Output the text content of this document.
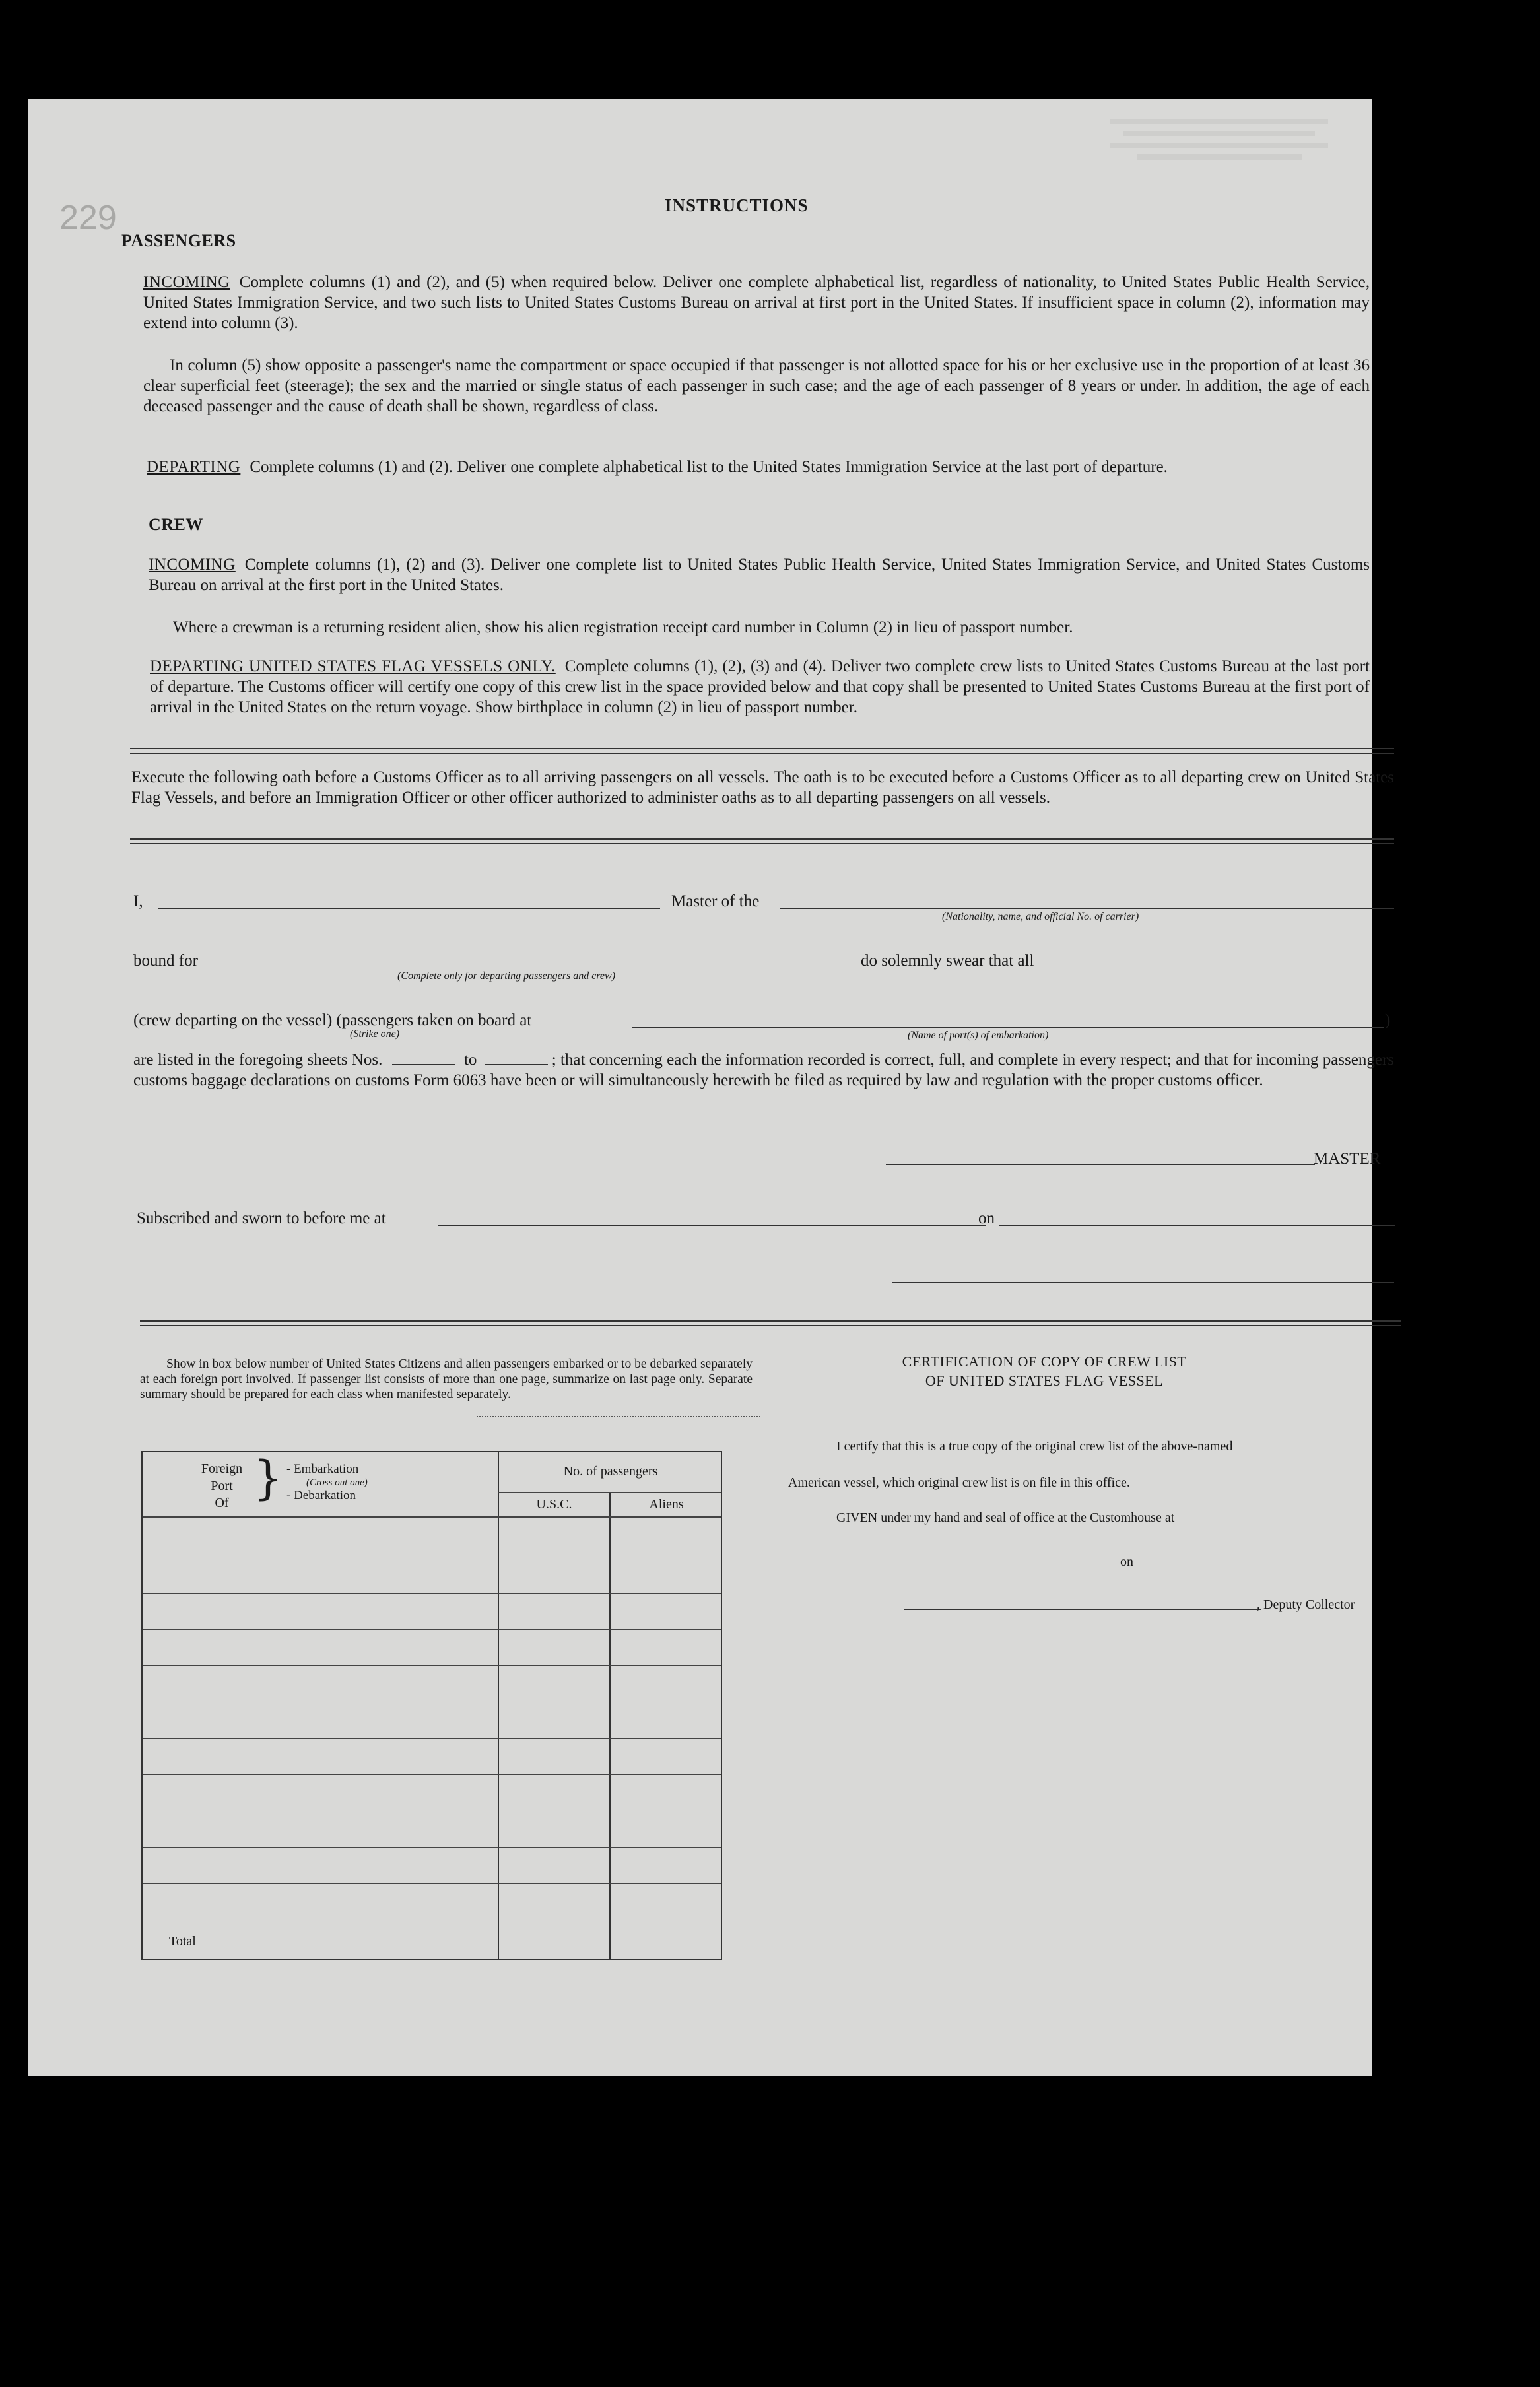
229	INSTRUCTIONS
PASSENGERS
INCOMING Complete columns (1) and (2), and (5) when required below. Deliver one complete alphabetical list, regardless of nationality, to United States Public Health Service, United States Immigration Service, and two such lists to United States Customs Bureau on arrival at first port in the United States. If insufficient space in column (2), information may extend into column (3).
In column (5) show opposite a passenger's name the compartment or space occupied if that passenger is not allotted space for his or her exclusive use in the proportion of at least 36 clear superficial feet (steerage); the sex and the married or single status of each passenger in such case; and the age of each passenger of 8 years or under. In addition, the age of each deceased passenger and the cause of death shall be shown, regardless of class.
DEPARTING Complete columns (1) and (2). Deliver one complete alphabetical list to the United States Immigration Service at the last port of departure.
CREW
INCOMING Complete columns (1), (2) and (3). Deliver one complete list to United States Public Health Service, United States Immigration Service, and United States Customs Bureau on arrival at the first port in the United States.
Where a crewman is a returning resident alien, show his alien registration receipt card number in Column (2) in lieu of passport number.
DEPARTING UNITED STATES FLAG VESSELS ONLY. Complete columns (1), (2), (3) and (4). Deliver two complete crew lists to United States Customs Bureau at the last port of departure. The Customs officer will certify one copy of this crew list in the space provided below and that copy shall be presented to United States Customs Bureau at the first port of arrival in the United States on the return voyage. Show birthplace in column (2) in lieu of passport number.
Execute the following oath before a Customs Officer as to all arriving passengers on all vessels. The oath is to be executed before a Customs Officer as to all departing crew on United States Flag Vessels, and before an Immigration Officer or other officer authorized to administer oaths as to all departing passengers on all vessels.
I,	Master of the
(Nationality, name, and official No. of carrier)
bound for
(Complete only for departing passengers and crew)
do solemnly swear that all
(crew departing on the vessel) (passengers taken on board at
(Strike one)	(Name of port(s) of embarkation)
)
are listed in the foregoing sheets Nos.	to	; that concerning each the information recorded is correct, full, and complete in every respect; and that for incoming passengers customs baggage declarations on customs Form 6063 have been or will simultaneously herewith be filed as required by law and regulation with the proper customs officer.
MASTER
Subscribed and sworn to before me at	on
Show in box below number of United States Citizens and alien passengers embarked or to be debarked separately at each foreign port involved. If passenger list consists of more than one page, summarize on last page only. Separate summary should be prepared for each class when manifested separately.
Foreign
Port
Of } - Embarkation
(Cross out one)
- Debarkation
No. of passengers
U.S.C.	Aliens
Total
CERTIFICATION OF COPY OF CREW LIST
OF UNITED STATES FLAG VESSEL
I certify that this is a true copy of the original crew list of the above-named
American vessel, which original crew list is on file in this office.
GIVEN under my hand and seal of office at the Customhouse at
on
, Deputy Collector
